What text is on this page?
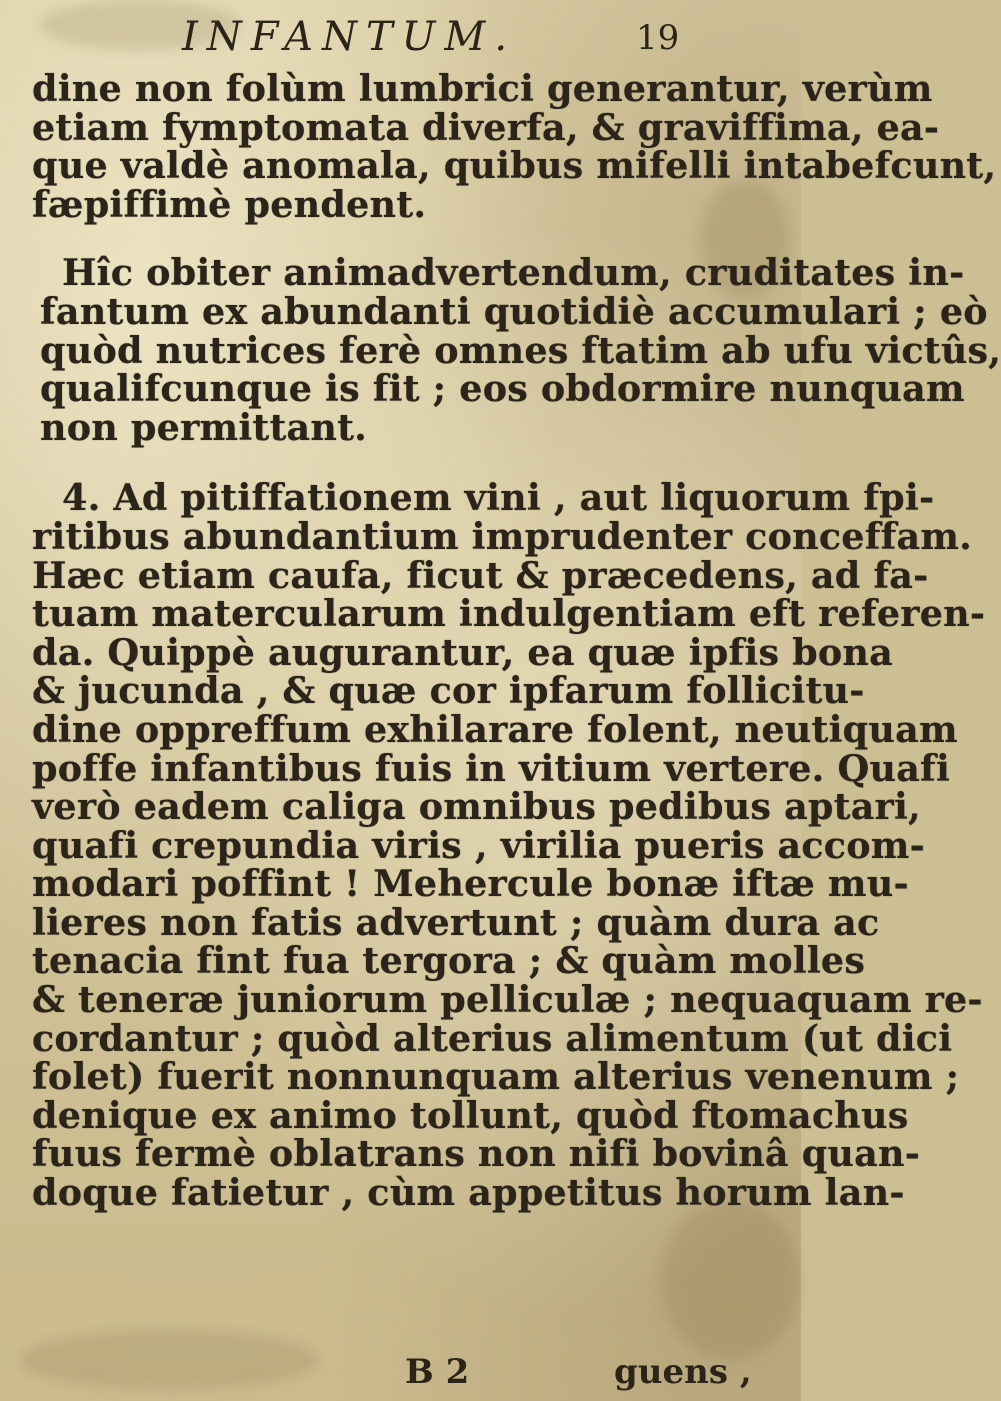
INFANTUM.	19
dine non folùm lumbrici generantur, verùm
etiam fymptomata diverfa, & graviffima, ea-
que valdè anomala, quibus mifelli intabefcunt,
fæpiffimè pendent.
Hîc obiter animadvertendum, cruditates in-
fantum ex abundanti quotidiè accumulari ; eò
quòd nutrices ferè omnes ftatim ab ufu victûs,
qualifcunque is fit ; eos obdormire nunquam
non permittant.
4. Ad pitiffationem vini , aut liquorum fpi-
ritibus abundantium imprudenter conceffam.
Hæc etiam caufa, ficut & præcedens, ad fa-
tuam matercularum indulgentiam eft referen-
da. Quippè augurantur, ea quæ ipfis bona
& jucunda , & quæ cor ipfarum follicitu-
dine oppreffum exhilarare folent, neutiquam
poffe infantibus fuis in vitium vertere. Quafi
verò eadem caliga omnibus pedibus aptari,
quafi crepundia viris , virilia pueris accom-
modari poffint ! Mehercule bonæ iftæ mu-
lieres non fatis advertunt ; quàm dura ac
tenacia fint fua tergora ; & quàm molles
& teneræ juniorum pelliculæ ; nequaquam re-
cordantur ; quòd alterius alimentum (ut dici
folet) fuerit nonnunquam alterius venenum ;
denique ex animo tollunt, quòd ftomachus
fuus fermè oblatrans non nifi bovinâ quan-
doque fatietur , cùm appetitus horum lan-
B 2	guens ,
